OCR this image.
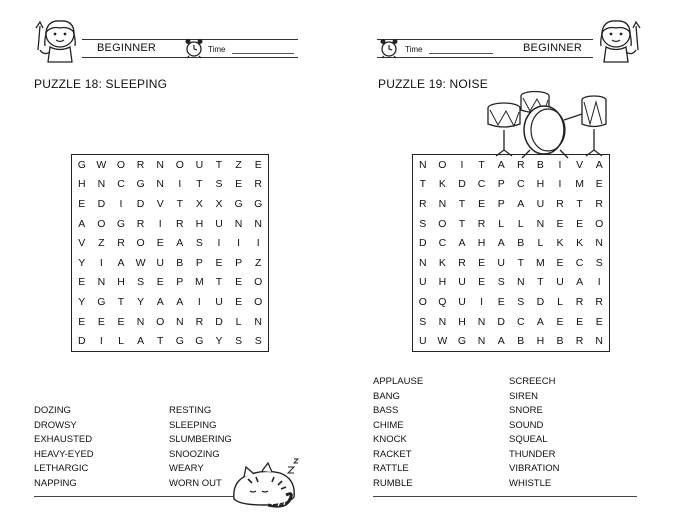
BEGINNER	Time
PUZZLE 18: SLEEPING
G	W	O	R	N	O	U	T	Z	E
H	N	C	G	N	I	T	S	E	R
E	D	I	D	V	T	X	X	G	G
A	O	G	R	I	R	H	U	N	N
V	Z	R	O	E	A	S	I	I	I
Y	I	A	W	U	B	P	E	P	Z
E	N	H	S	E	P	M	T	E	O
Y	G	T	Y	A	A	I	U	E	O
E	E	E	N	O	N	R	D	L	N
D	I	L	A	T	G	G	Y	S	S
DOZING
DROWSY
EXHAUSTED
HEAVY-EYED
LETHARGIC
NAPPING
RESTING
SLEEPING
SLUMBERING
SNOOZING
WEARY
WORN OUT
Time	BEGINNER
PUZZLE 19: NOISE
N	O	I	T	A	R	B	I	V	A
T	K	D	C	P	C	H	I	M	E
R	N	T	E	P	A	U	R	T	R
S	O	T	R	L	L	N	E	E	O
D	C	A	H	A	B	L	K	K	N
N	K	R	E	U	T	M	E	C	S
U	H	U	E	S	N	T	U	A	I
O	Q	U	I	E	S	D	L	R	R
S	N	H	N	D	C	A	E	E	E
U	W	G	N	A	B	H	B	R	N
APPLAUSE
BANG
BASS
CHIME
KNOCK
RACKET
RATTLE
RUMBLE
SCREECH
SIREN
SNORE
SOUND
SQUEAL
THUNDER
VIBRATION
WHISTLE
